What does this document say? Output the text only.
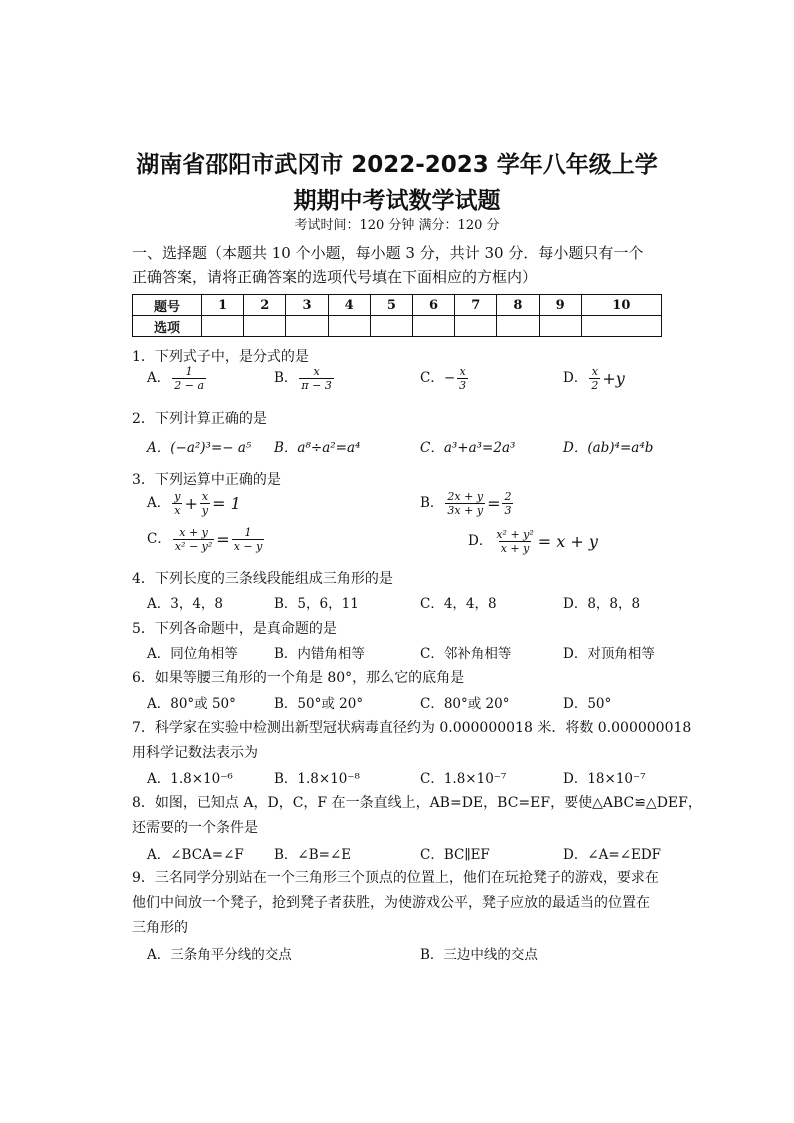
湖南省邵阳市武冈市 2022-2023 学年八年级上学
期期中考试数学试题
考试时间：120 分钟 满分：120 分
一、选择题（本题共 10 个小题，每小题 3 分，共计 30 分．每小题只有一个
正确答案，请将正确答案的选项代号填在下面相应的方框内）
题号	1	2	3	4	5	6	7	8	9	10
选项										
1．下列式子中，是分式的是
A． $\frac{1}{2 - a}$	B． $\frac{x}{\pi - 3}$	C．− $\frac{x}{3}$	D． $\frac{x}{2} +y$
2．下列计算正确的是
A．(−a²)³=− a⁵ B．a⁸÷a²=a⁴	C．a³+a³=2a³	D．(ab)⁴=a⁴b
3．下列运算中正确的是
A． $\frac{y}{x} + \frac{x}{y} = 1$	B． $\frac{2x + y}{3x + y} = \frac{2}{3}$
C． $\frac{x + y}{\text{x² − y²}} = \frac{1}{x - y}$	D． $\frac{\text{x² + y²}}{x + y} = x + y$
4．下列长度的三条线段能组成三角形的是
A．3，4，8	B．5，6，11	C．4，4，8	D．8，8，8
5．下列各命题中，是真命题的是
A．同位角相等	B．内错角相等	C．邻补角相等	D．对顶角相等
6．如果等腰三角形的一个角是 80°，那么它的底角是
A．80°或 50°	B．50°或 20°	C．80°或 20°	D．50°
7．科学家在实验中检测出新型冠状病毒直径约为 0.000000018 米．将数 0.000000018
用科学记数法表示为
A．1.8×10⁻⁶	B．1.8×10⁻⁸	C．1.8×10⁻⁷	D．18×10⁻⁷
8．如图，已知点 A，D，C，F 在一条直线上，AB=DE，BC=EF，要使△ABC≌△DEF，
还需要的一个条件是
A．∠BCA=∠F B．∠B=∠E	C．BC∥EF	D．∠A=∠EDF
9．三名同学分别站在一个三角形三个顶点的位置上，他们在玩抢凳子的游戏，要求在
他们中间放一个凳子，抢到凳子者获胜，为使游戏公平，凳子应放的最适当的位置在
三角形的
A．三条角平分线的交点	B．三边中线的交点
